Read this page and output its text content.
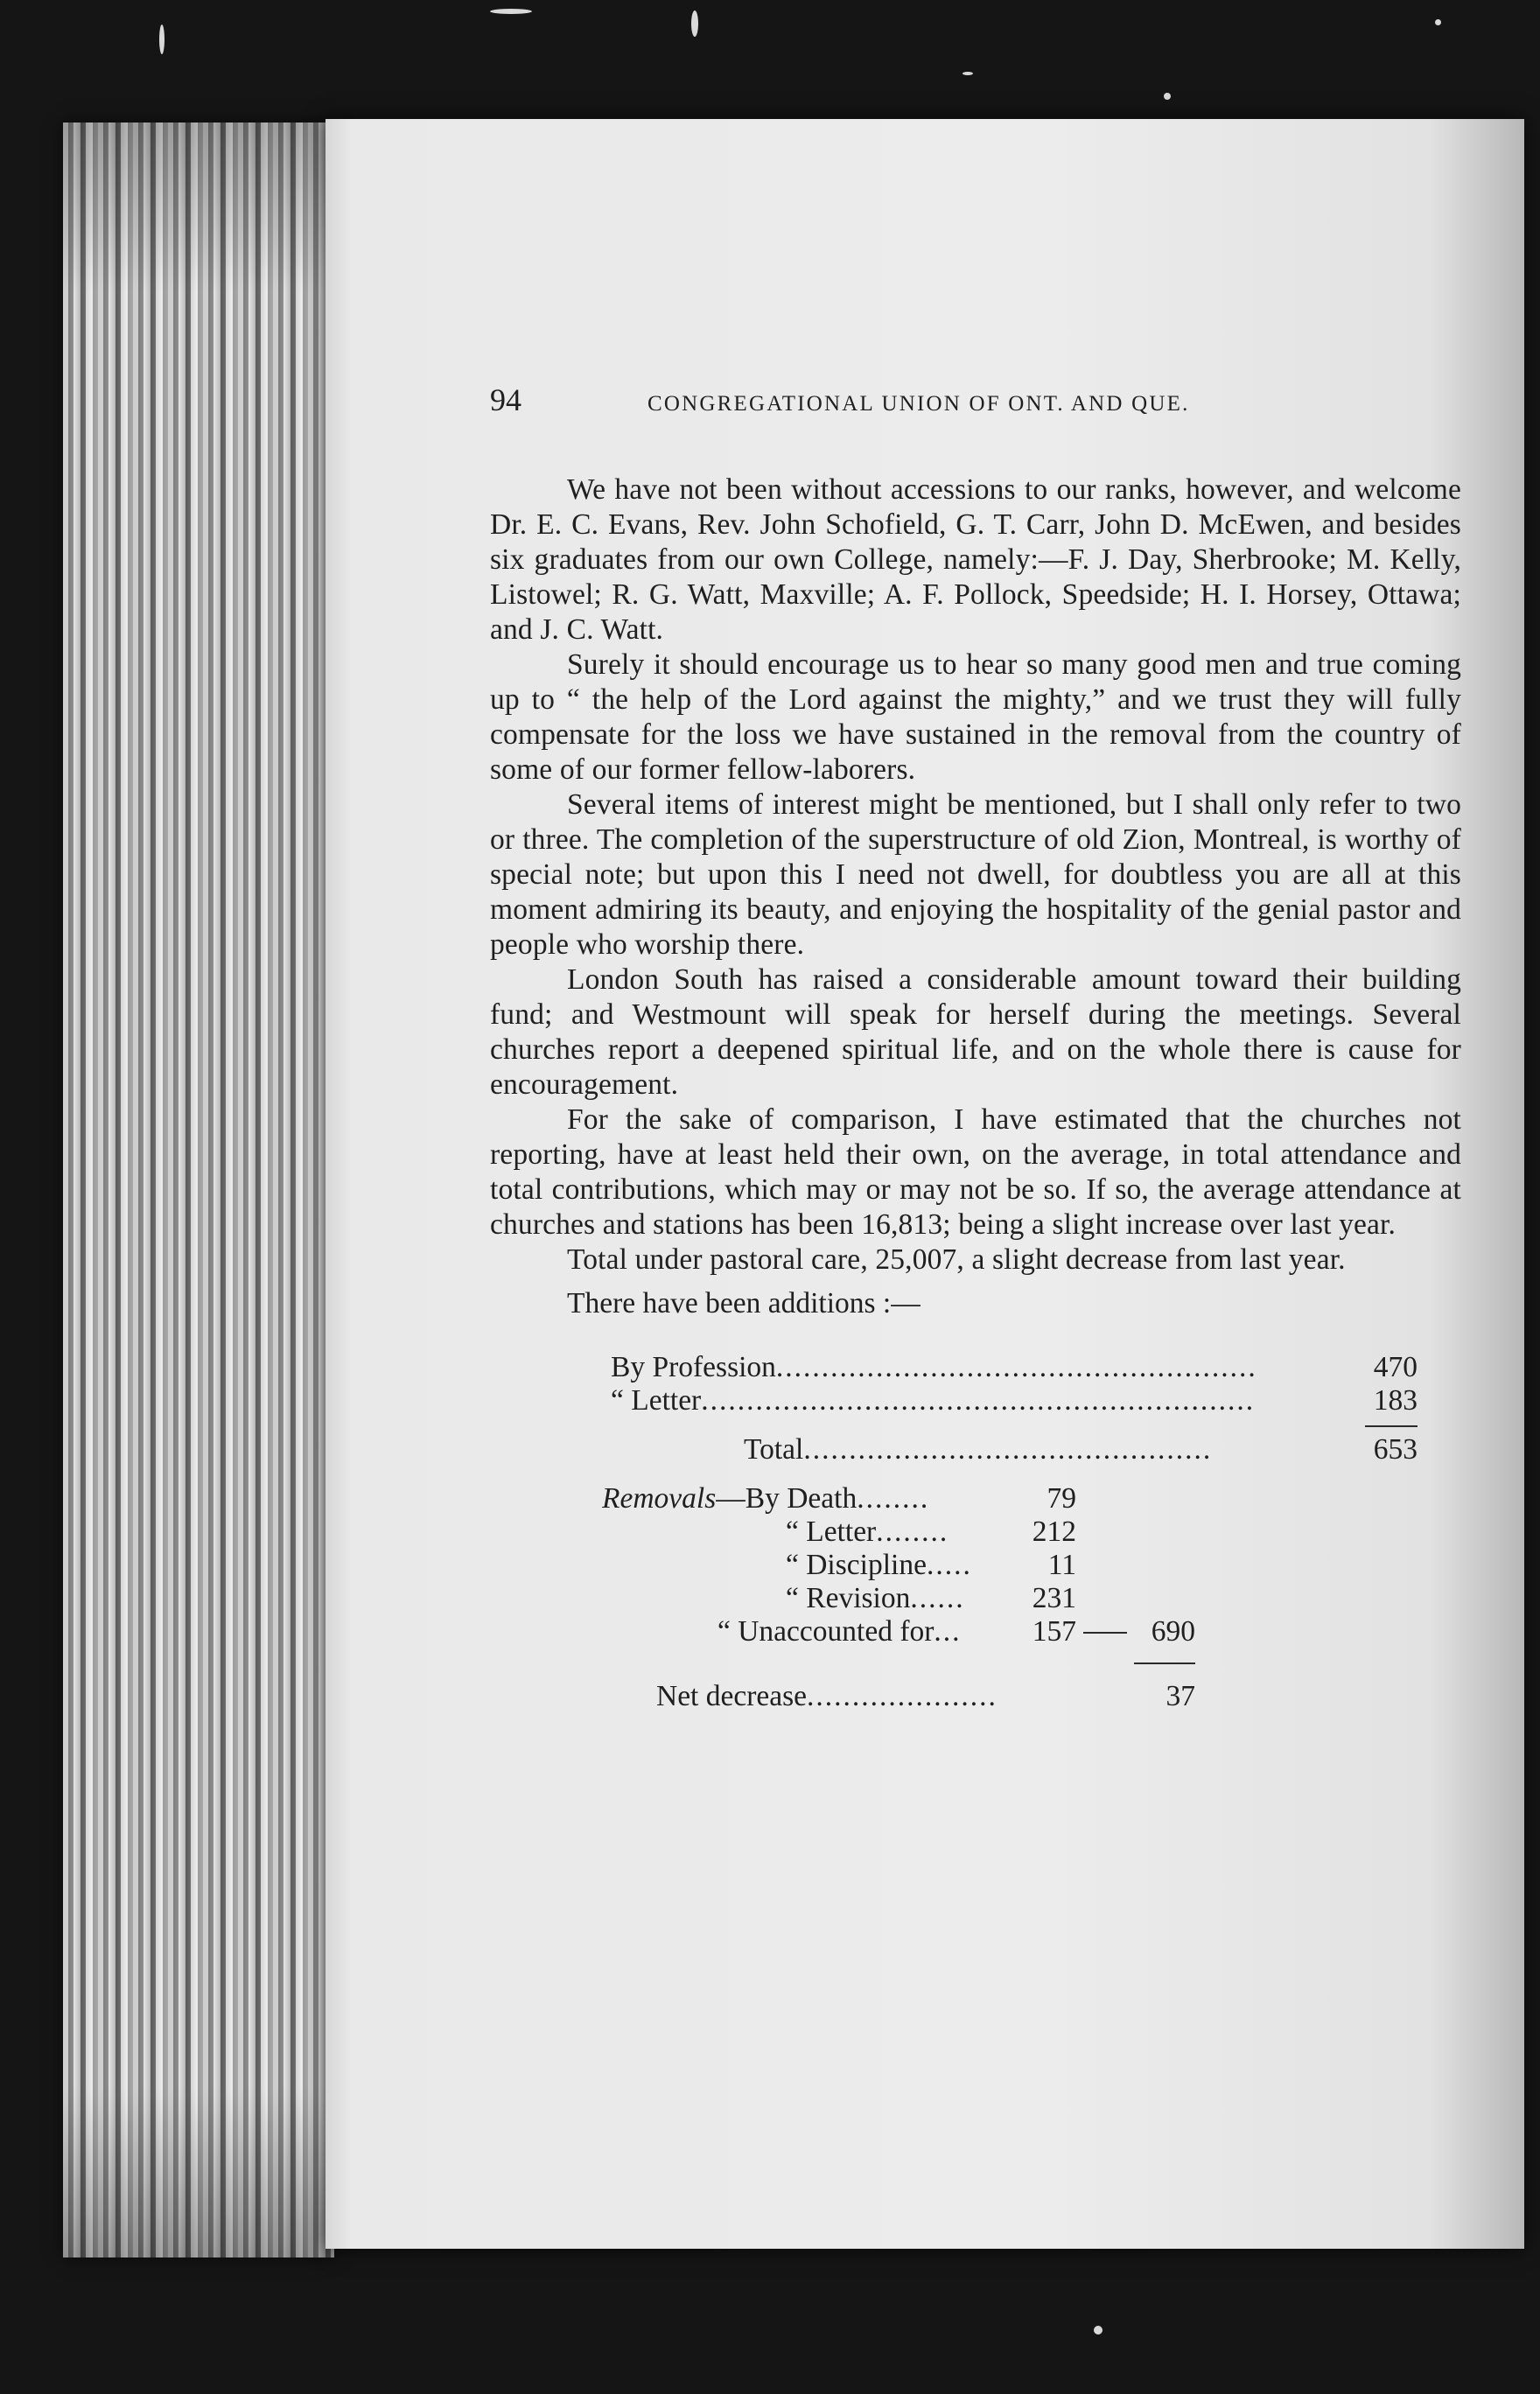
94	CONGREGATIONAL UNION OF ONT. AND QUE.

We have not been without accessions to our ranks, however, and welcome Dr. E. C. Evans, Rev. John Schofield, G. T. Carr, John D. McEwen, and besides six graduates from our own College, namely:—F. J. Day, Sherbrooke; M. Kelly, Listowel; R. G. Watt, Maxville; A. F. Pollock, Speedside; H. I. Horsey, Ottawa; and J. C. Watt.

Surely it should encourage us to hear so many good men and true coming up to “ the help of the Lord against the mighty,” and we trust they will fully compensate for the loss we have sustained in the removal from the country of some of our former fellow-laborers.

Several items of interest might be mentioned, but I shall only refer to two or three. The completion of the superstructure of old Zion, Montreal, is worthy of special note; but upon this I need not dwell, for doubtless you are all at this moment admiring its beauty, and enjoying the hospitality of the genial pastor and people who worship there.

London South has raised a considerable amount toward their building fund; and Westmount will speak for herself during the meetings. Several churches report a deepened spiritual life, and on the whole there is cause for encouragement.

For the sake of comparison, I have estimated that the churches not reporting, have at least held their own, on the average, in total attendance and total contributions, which may or may not be so. If so, the average attendance at churches and stations has been 16,813; being a slight increase over last year.

Total under pastoral care, 25,007, a slight decrease from last year.

There have been additions :—

By Profession.....................................................	470
“ Letter.............................................................	183
Total.............................................	653
Removals—By Death........	79
“ Letter........	212
“ Discipline.....	11
“ Revision......	231
“ Unaccounted for...	157	690
Net decrease.....................	37
